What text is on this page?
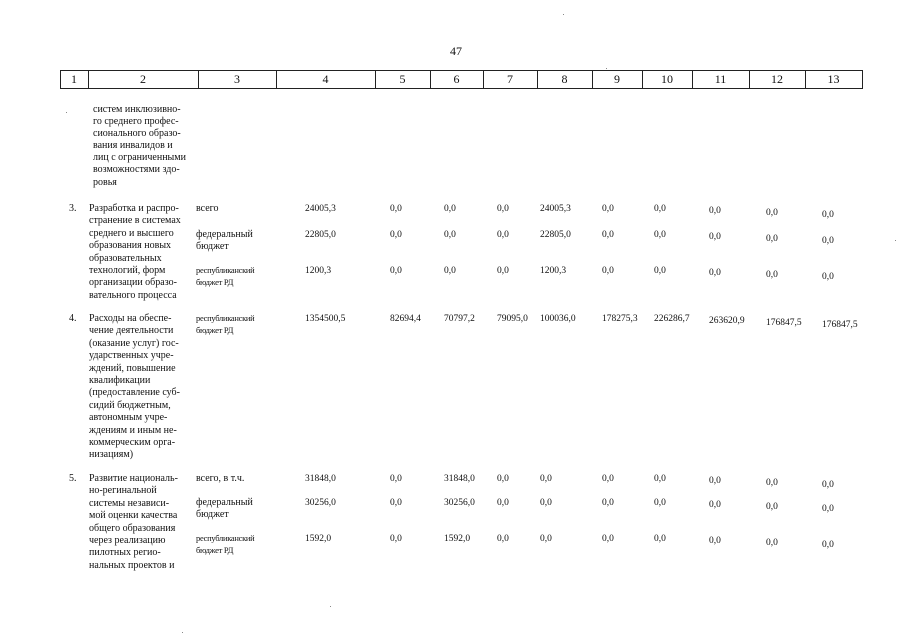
47
1	2	3	4	5	6	7	8	9	10	11	12	13
систем инклюзивно-
го среднего профес-
сионального образо-
вания инвалидов и
лиц с ограниченными
возможностями здо-
ровья
3. Разработка и распро-
странение в системах
среднего и высшего
образования новых
образовательных
технологий, форм
организации образо-
вательного процесса
всего	24005,3	0,0	0,0	0,0	24005,3	0,0	0,0	0,0	0,0	0,0
федеральный
бюджет
22805,0	0,0	0,0	0,0	22805,0	0,0	0,0	0,0	0,0	0,0
республиканский
бюджет РД
1200,3	0,0	0,0	0,0	1200,3	0,0	0,0	0,0	0,0	0,0
4. Расходы на обеспе-
чение деятельности
(оказание услуг) гос-
ударственных учре-
ждений, повышение
квалификации
(предоставление суб-
сидий бюджетным,
автономным учре-
ждениям и иным не-
коммерческим орга-
низациям)
республиканский
бюджет РД
1354500,5	82694,4 70797,2 79095,0 100036,0	178275,3 226286,7 263620,9 176847,5 176847,5
5. Развитие националь-
но-регинальной
системы независи-
мой оценки качества
общего образования
через реализацию
пилотных регио-
нальных проектов и
всего, в т.ч.	31848,0	0,0	31848,0 0,0	0,0	0,0	0,0	0,0	0,0	0,0
федеральный
бюджет
30256,0	0,0	30256,0 0,0	0,0	0,0	0,0	0,0	0,0	0,0
республиканский
бюджет РД
1592,0	0,0	1592,0	0,0	0,0	0,0	0,0	0,0	0,0	0,0
